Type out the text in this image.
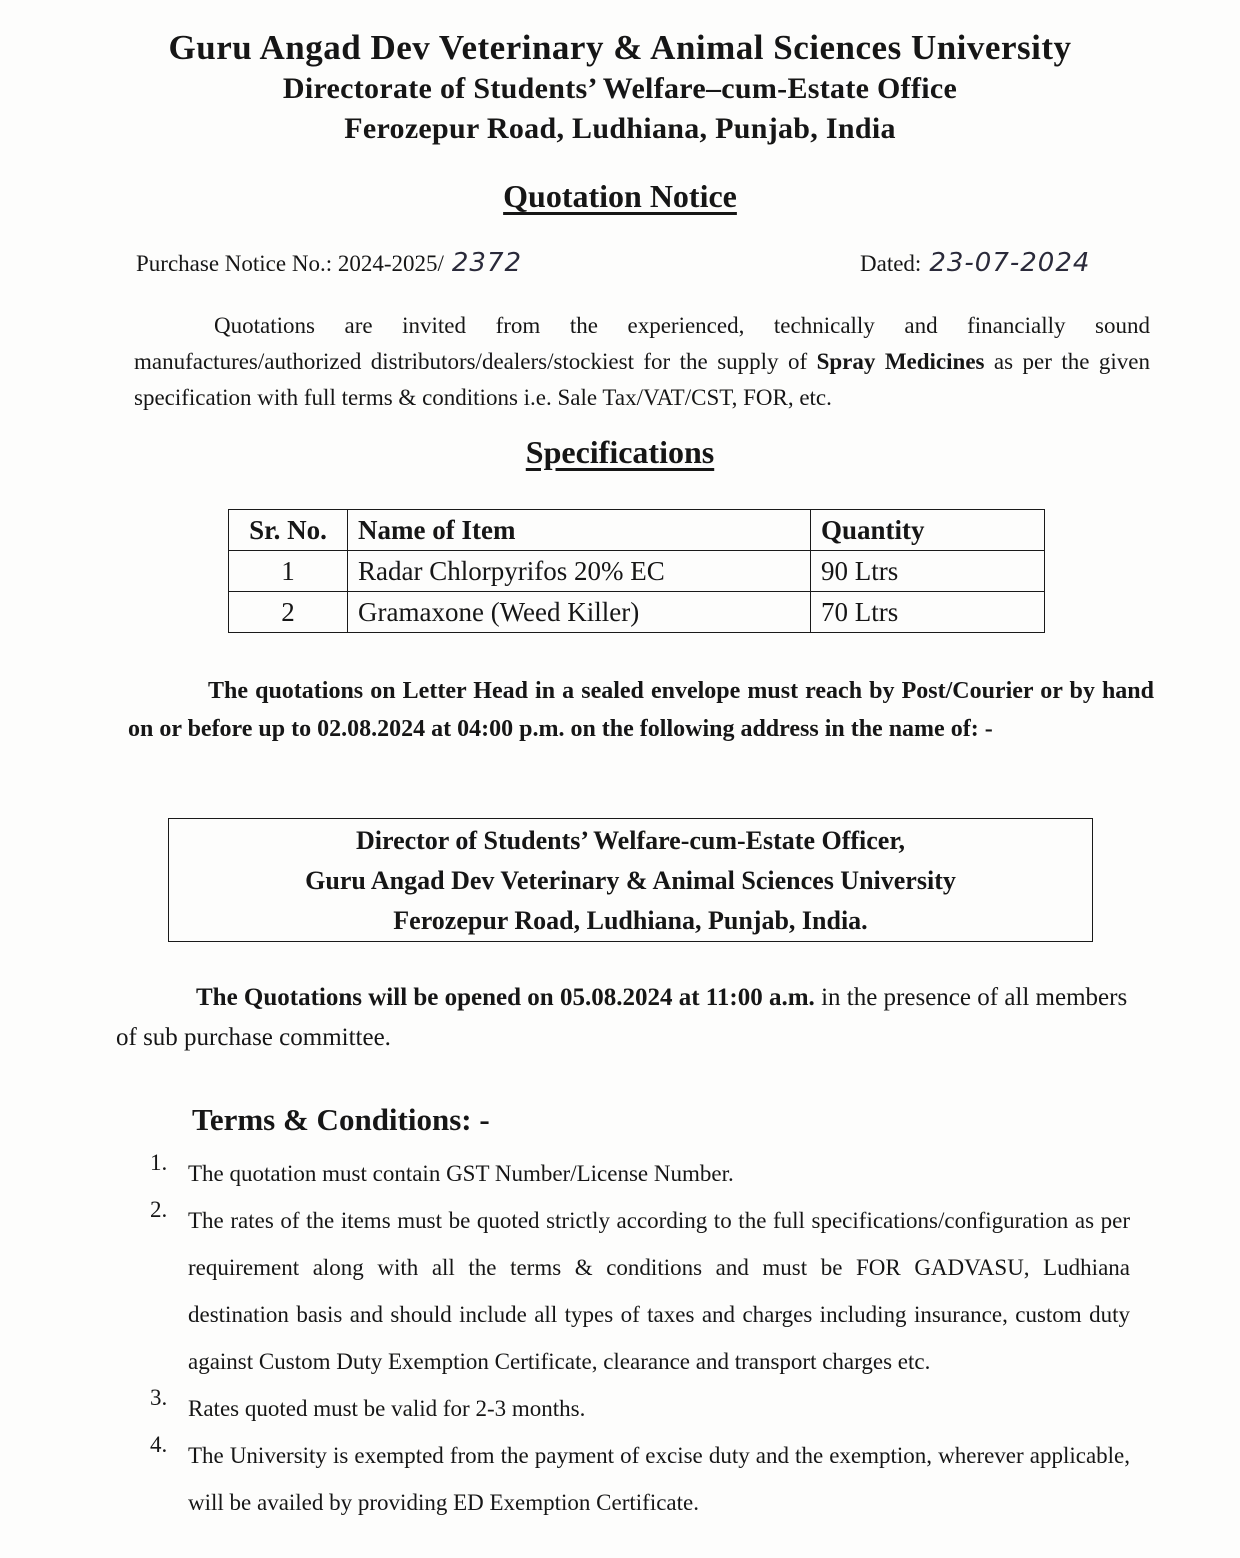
Guru Angad Dev Veterinary & Animal Sciences University
Directorate of Students’ Welfare–cum-Estate Office
Ferozepur Road, Ludhiana, Punjab, India
Quotation Notice
Purchase Notice No.: 2024-2025/ 2372	Dated: 23-07-2024
Quotations are invited from the experienced, technically and financially sound manufactures/authorized distributors/dealers/stockiest for the supply of Spray Medicines as per the given specification with full terms & conditions i.e. Sale Tax/VAT/CST, FOR, etc.
Specifications
Sr. No.	Name of Item	Quantity
1	Radar Chlorpyrifos 20% EC	90 Ltrs
2	Gramaxone (Weed Killer)	70 Ltrs
The quotations on Letter Head in a sealed envelope must reach by Post/Courier or by hand on or before up to 02.08.2024 at 04:00 p.m. on the following address in the name of: -
Director of Students’ Welfare-cum-Estate Officer,
Guru Angad Dev Veterinary & Animal Sciences University
Ferozepur Road, Ludhiana, Punjab, India.
The Quotations will be opened on 05.08.2024 at 11:00 a.m. in the presence of all members of sub purchase committee.
Terms & Conditions: -
1. The quotation must contain GST Number/License Number.
2. The rates of the items must be quoted strictly according to the full specifications/configuration as per requirement along with all the terms & conditions and must be FOR GADVASU, Ludhiana destination basis and should include all types of taxes and charges including insurance, custom duty against Custom Duty Exemption Certificate, clearance and transport charges etc.
3. Rates quoted must be valid for 2-3 months.
4. The University is exempted from the payment of excise duty and the exemption, wherever applicable, will be availed by providing ED Exemption Certificate.
